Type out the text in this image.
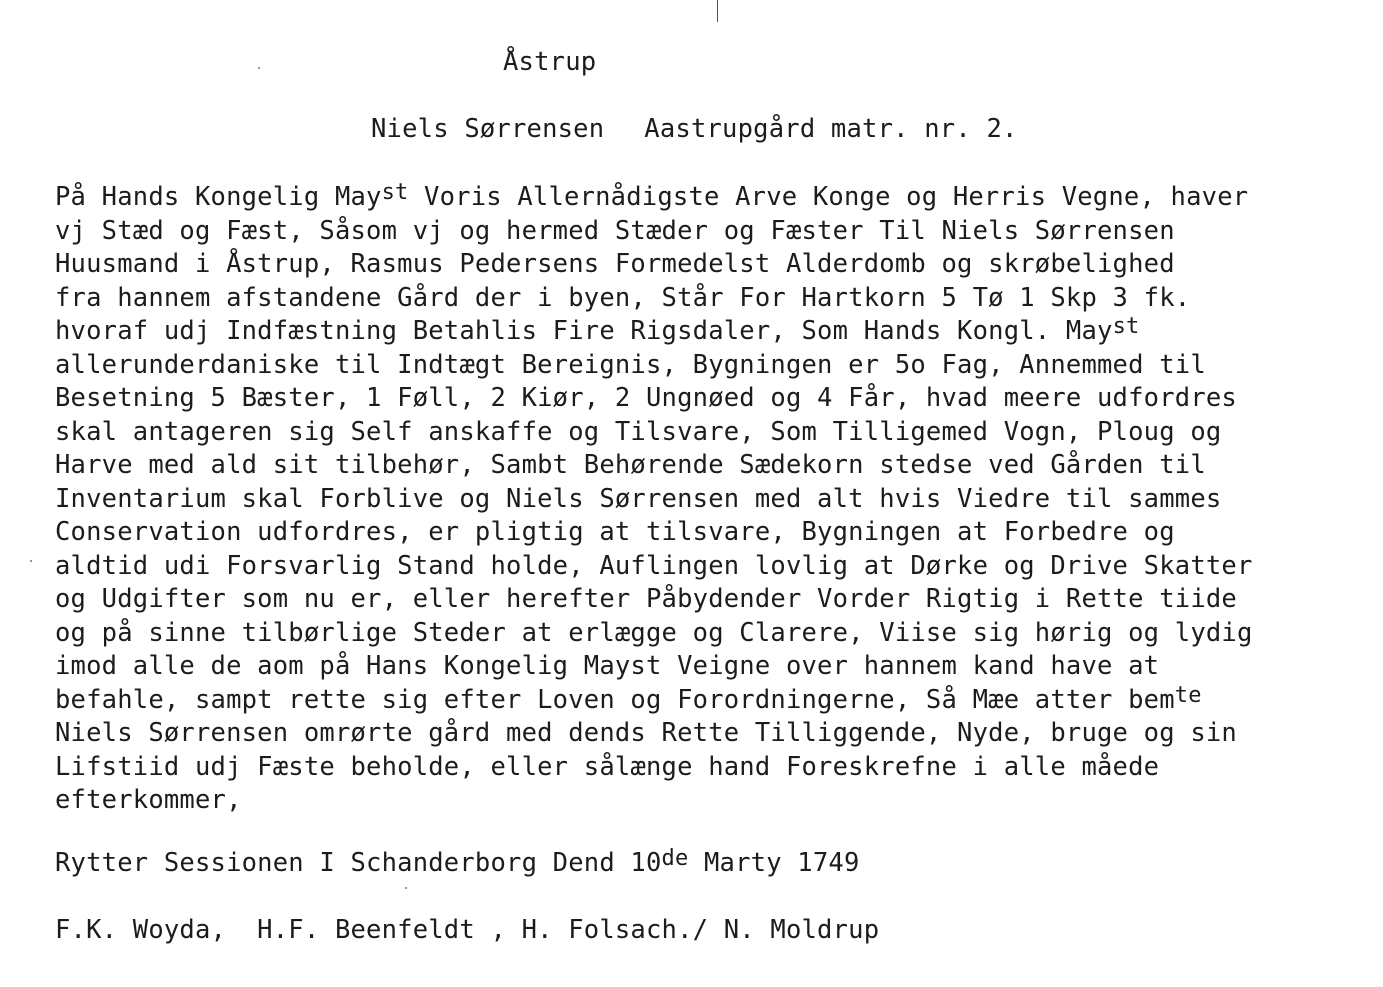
Åstrup
Niels Sørrensen Aastrupgård matr. nr. 2.
På Hands Kongelig May$^{st}$ Voris Allernådigste Arve Konge og Herris Vegne, haver
vj Stæd og Fæst, Såsom vj og hermed Stæder og Fæster Til Niels Sørrensen
Huusmand i Åstrup, Rasmus Pedersens Formedelst Alderdomb og skrøbelighed
fra hannem afstandene Gård der i byen, Står For Hartkorn 5 Tø 1 Skp 3 fk.
hvoraf udj Indfæstning Betahlis Fire Rigsdaler, Som Hands Kongl. May$^{st}$
allerunderdaniske til Indtægt Bereignis, Bygningen er 5o Fag, Annemmed til
Besetning 5 Bæster, 1 Føll, 2 Kiør, 2 Ungnøed og 4 Får, hvad meere udfordres
skal antageren sig Self anskaffe og Tilsvare, Som Tilligemed Vogn, Ploug og
Harve med ald sit tilbehør, Sambt Behørende Sædekorn stedse ved Gården til
Inventarium skal Forblive og Niels Sørrensen med alt hvis Viedre til sammes
Conservation udfordres, er pligtig at tilsvare, Bygningen at Forbedre og
aldtid udi Forsvarlig Stand holde, Auflingen lovlig at Dørke og Drive Skatter
og Udgifter som nu er, eller herefter Påbydender Vorder Rigtig i Rette tiide
og på sinne tilbørlige Steder at erlægge og Clarere, Viise sig hørig og lydig
imod alle de aom på Hans Kongelig Mayst Veigne over hannem kand have at
befahle, sampt rette sig efter Loven og Forordningerne, Så Mæe atter bem$^{te}$
Niels Sørrensen omrørte gård med dends Rette Tilliggende, Nyde, bruge og sin
Lifstiid udj Fæste beholde, eller sålænge hand Foreskrefne i alle måede
efterkommer,
Rytter Sessionen I Schanderborg Dend 10de Marty 1749
F.K. Woyda,  H.F. Beenfeldt , H. Folsach./ N. Moldrup
